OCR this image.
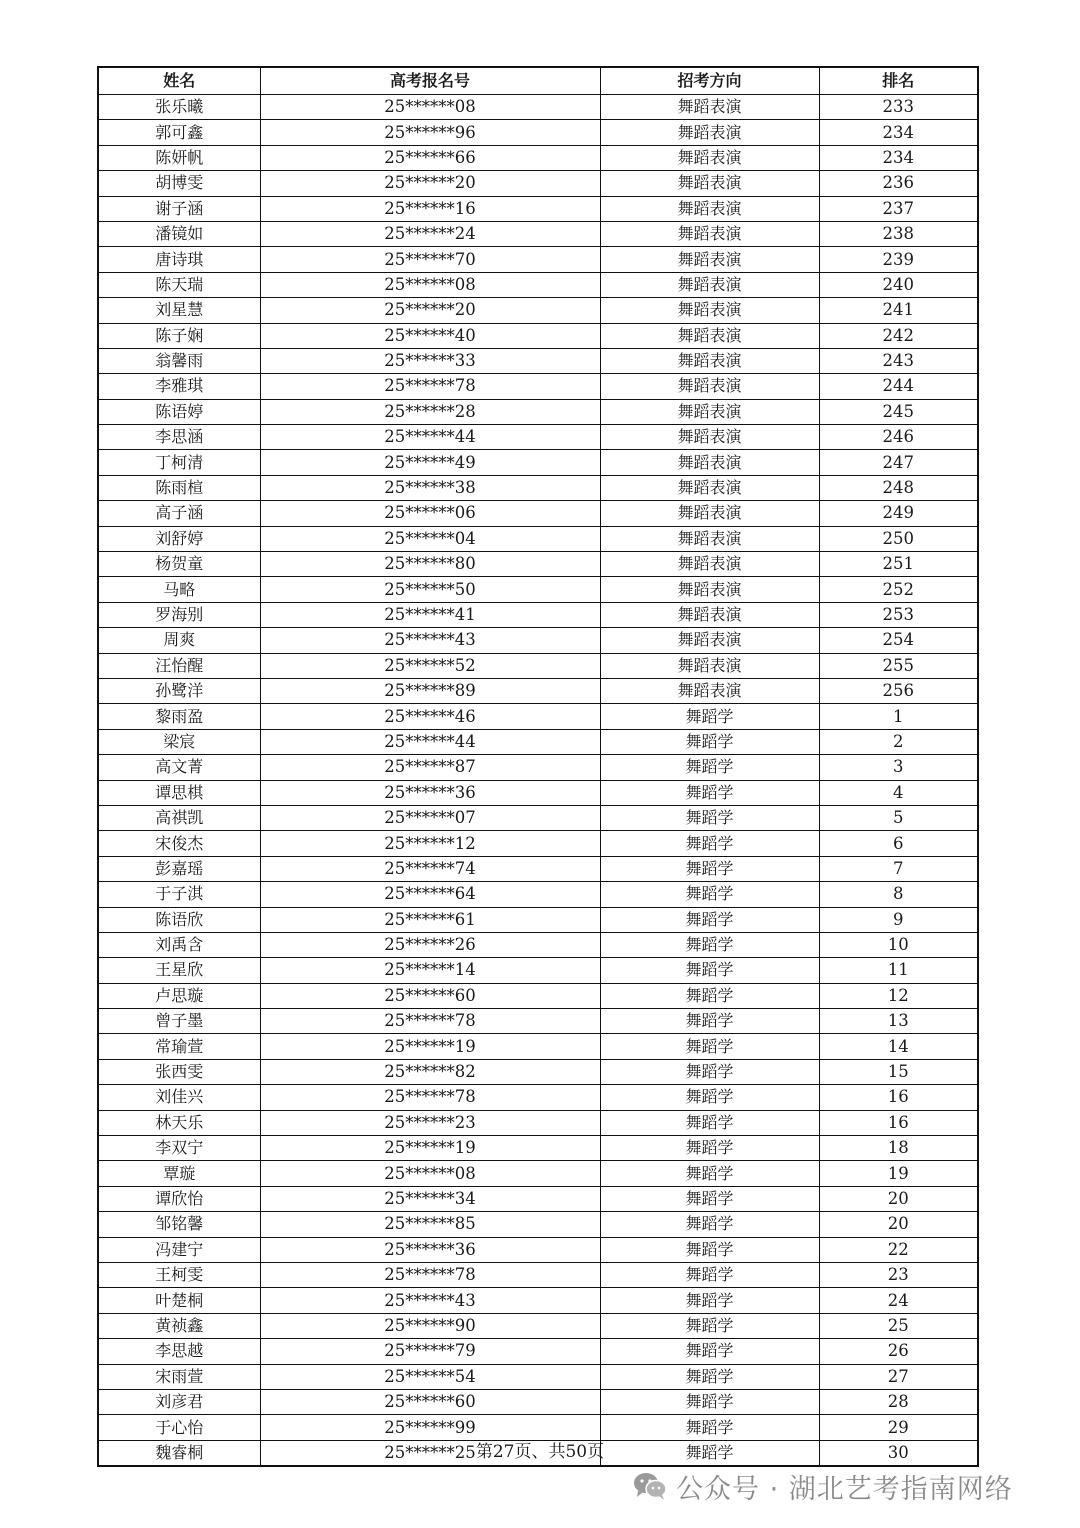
姓名	高考报名号	招考方向	排名
张乐曦	25******08	舞蹈表演	233
郭可鑫	25******96	舞蹈表演	234
陈妍帆	25******66	舞蹈表演	234
胡博雯	25******20	舞蹈表演	236
谢子涵	25******16	舞蹈表演	237
潘镜如	25******24	舞蹈表演	238
唐诗琪	25******70	舞蹈表演	239
陈天瑞	25******08	舞蹈表演	240
刘星慧	25******20	舞蹈表演	241
陈子娴	25******40	舞蹈表演	242
翁馨雨	25******33	舞蹈表演	243
李雅琪	25******78	舞蹈表演	244
陈语婷	25******28	舞蹈表演	245
李思涵	25******44	舞蹈表演	246
丁柯清	25******49	舞蹈表演	247
陈雨楦	25******38	舞蹈表演	248
高子涵	25******06	舞蹈表演	249
刘舒婷	25******04	舞蹈表演	250
杨贺童	25******80	舞蹈表演	251
马略	25******50	舞蹈表演	252
罗海别	25******41	舞蹈表演	253
周爽	25******43	舞蹈表演	254
汪怡醒	25******52	舞蹈表演	255
孙鹭洋	25******89	舞蹈表演	256
黎雨盈	25******46	舞蹈学	1
梁宸	25******44	舞蹈学	2
高文菁	25******87	舞蹈学	3
谭思棋	25******36	舞蹈学	4
高祺凯	25******07	舞蹈学	5
宋俊杰	25******12	舞蹈学	6
彭嘉瑶	25******74	舞蹈学	7
于子淇	25******64	舞蹈学	8
陈语欣	25******61	舞蹈学	9
刘禹含	25******26	舞蹈学	10
王星欣	25******14	舞蹈学	11
卢思璇	25******60	舞蹈学	12
曾子墨	25******78	舞蹈学	13
常瑜萱	25******19	舞蹈学	14
张西雯	25******82	舞蹈学	15
刘佳兴	25******78	舞蹈学	16
林天乐	25******23	舞蹈学	16
李双宁	25******19	舞蹈学	18
覃璇	25******08	舞蹈学	19
谭欣怡	25******34	舞蹈学	20
邹铭馨	25******85	舞蹈学	20
冯建宁	25******36	舞蹈学	22
王柯雯	25******78	舞蹈学	23
叶楚桐	25******43	舞蹈学	24
黄祯鑫	25******90	舞蹈学	25
李思越	25******79	舞蹈学	26
宋雨萱	25******54	舞蹈学	27
刘彦君	25******60	舞蹈学	28
于心怡	25******99	舞蹈学	29
魏睿桐	25******25	舞蹈学	30
第27页、共50页
公众号 · 湖北艺考指南网络
